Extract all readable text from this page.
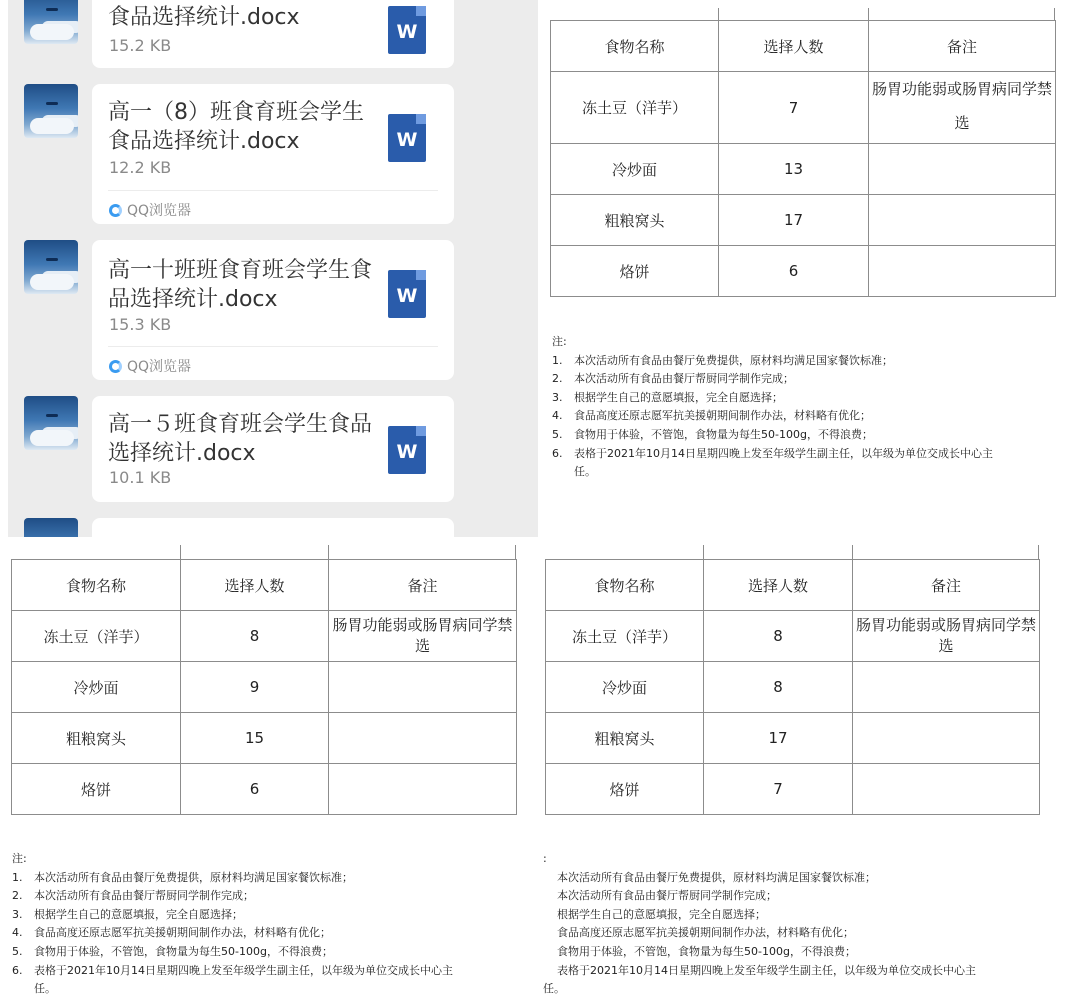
食品选择统计.docx
15.2 KB
W
高一（8）班食育班会学生食品选择统计.docx
12.2 KB
W
QQ浏览器
高一十班班食育班会学生食品选择统计.docx
15.3 KB
W
QQ浏览器
高一５班食育班会学生食品选择统计.docx
10.1 KB
W
食物名称	选择人数	备注
冻土豆（洋芋）	7	肠胃功能弱或肠胃病同学禁选
冷炒面	13	
粗粮窝头	17	
烙饼	6	
注:
1.	本次活动所有食品由餐厅免费提供，原材料均满足国家餐饮标准；
2.	本次活动所有食品由餐厅帮厨同学制作完成；
3.	根据学生自己的意愿填报，完全自愿选择；
4.	食品高度还原志愿军抗美援朝期间制作办法，材料略有优化；
5.	食物用于体验，不管饱，食物量为每生50-100g，不得浪费；
6.	表格于2021年10月14日星期四晚上发至年级学生副主任，以年级为单位交成长中心主
任。
食物名称	选择人数	备注
冻土豆（洋芋）	8	肠胃功能弱或肠胃病同学禁选
冷炒面	9	
粗粮窝头	15	
烙饼	6	
注:
1.	本次活动所有食品由餐厅免费提供，原材料均满足国家餐饮标准；
2.	本次活动所有食品由餐厅帮厨同学制作完成；
3.	根据学生自己的意愿填报，完全自愿选择；
4.	食品高度还原志愿军抗美援朝期间制作办法，材料略有优化；
5.	食物用于体验，不管饱，食物量为每生50-100g，不得浪费；
6.	表格于2021年10月14日星期四晚上发至年级学生副主任，以年级为单位交成长中心主
任。
食物名称	选择人数	备注
冻土豆（洋芋）	8	肠胃功能弱或肠胃病同学禁选
冷炒面	8	
粗粮窝头	17	
烙饼	7	
:
本次活动所有食品由餐厅免费提供，原材料均满足国家餐饮标准；
本次活动所有食品由餐厅帮厨同学制作完成；
根据学生自己的意愿填报，完全自愿选择；
食品高度还原志愿军抗美援朝期间制作办法，材料略有优化；
食物用于体验，不管饱，食物量为每生50-100g，不得浪费；
表格于2021年10月14日星期四晚上发至年级学生副主任，以年级为单位交成长中心主
任。
